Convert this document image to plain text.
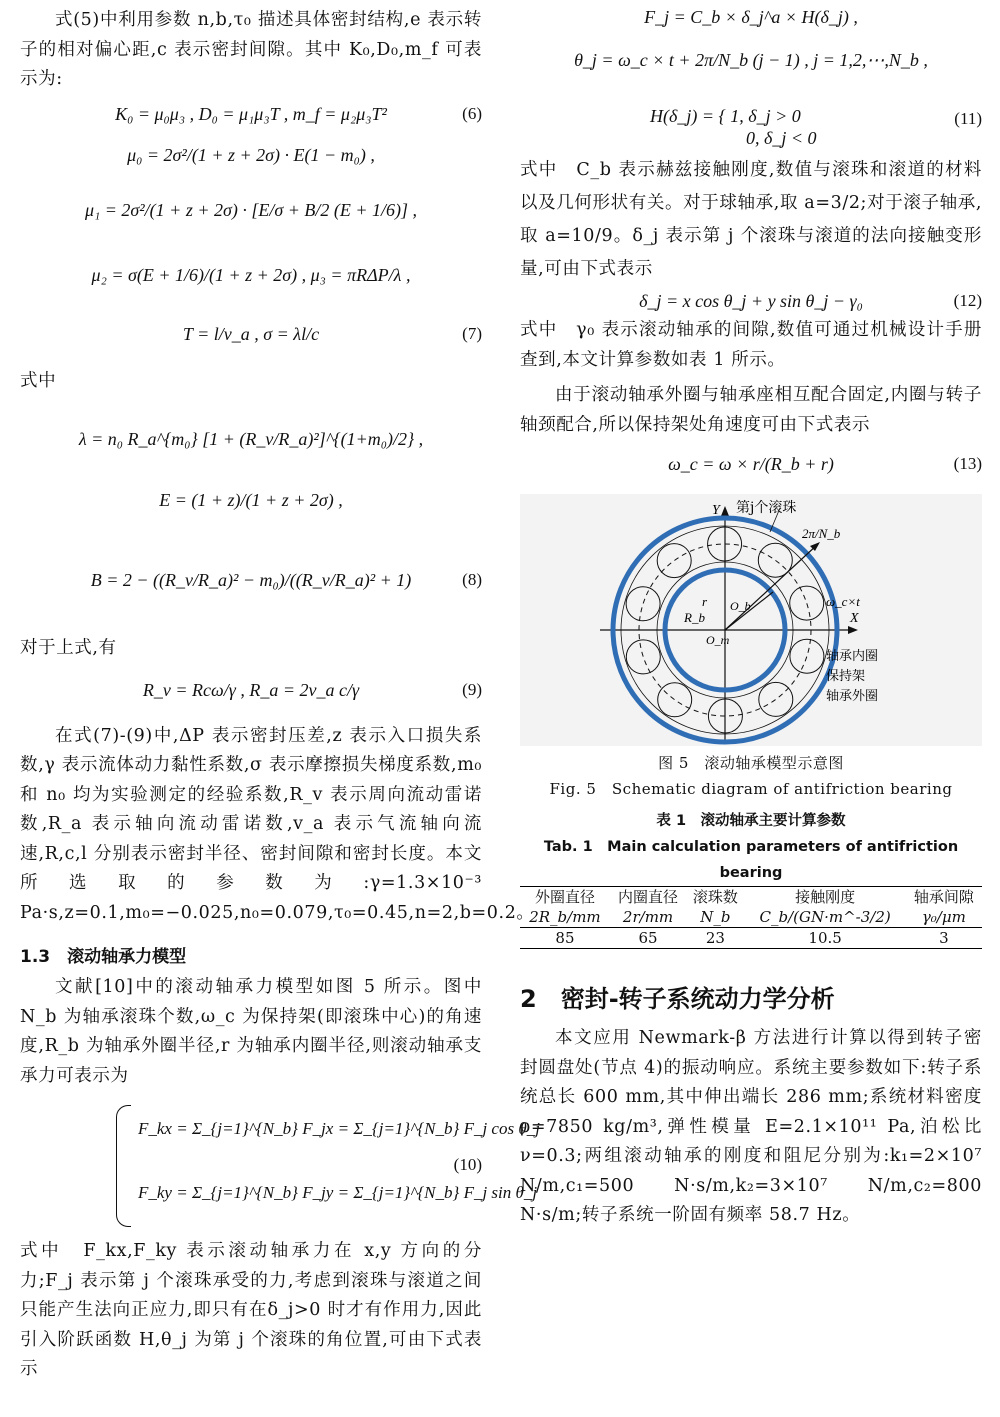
式(5)中利用参数 n,b,τ₀ 描述具体密封结构,e 表示转子的相对偏心距,c 表示密封间隙。其中 K₀,D₀,m_f 可表示为:

K₀ = μ₀μ₃ , D₀ = μ₁μ₃T , m_f = μ₂μ₃T²	(6)
μ₀ = 2σ²/(1 + z + 2σ) · E(1 − m₀) ,
μ₁ = 2σ²/(1 + z + 2σ) · [E/σ + B/2 (E + 1/6)] ,
μ₂ = σ(E + 1/6)/(1 + z + 2σ) , μ₃ = πRΔP/λ ,
T = l/v_a , σ = λl/c	(7)

式中

λ = n₀ R_a^{m₀} [1 + (R_v/R_a)²]^{(1+m₀)/2} ,
E = (1 + z)/(1 + z + 2σ) ,
B = 2 − ((R_v/R_a)² − m₀)/((R_v/R_a)² + 1)	(8)

对于上式,有

R_v = Rcω/γ , R_a = 2v_a c/γ	(9)

在式(7)-(9)中,ΔP 表示密封压差,z 表示入口损失系数,γ 表示流体动力黏性系数,σ 表示摩擦损失梯度系数,m₀ 和 n₀ 均为实验测定的经验系数,R_v 表示周向流动雷诺数,R_a 表示轴向流动雷诺数,v_a 表示气流轴向流速,R,c,l 分别表示密封半径、密封间隙和密封长度。本文所选取的参数为:γ=1.3×10⁻³ Pa·s,z=0.1,m₀=−0.025,n₀=0.079,τ₀=0.45,n=2,b=0.2。

1.3　滚动轴承力模型

文献[10]中的滚动轴承力模型如图 5 所示。图中 N_b 为轴承滚珠个数,ω_c 为保持架(即滚珠中心)的角速度,R_b 为轴承外圈半径,r 为轴承内圈半径,则滚动轴承支承力可表示为

F_kx = Σ_{j=1}^{N_b} F_jx = Σ_{j=1}^{N_b} F_j cos θ_j
F_ky = Σ_{j=1}^{N_b} F_jy = Σ_{j=1}^{N_b} F_j sin θ_j
(10)

式中　F_kx,F_ky 表示滚动轴承力在 x,y 方向的分力;F_j 表示第 j 个滚珠承受的力,考虑到滚珠与滚道之间只能产生法向正应力,即只有在δ_j>0 时才有作用力,因此引入阶跃函数 H,θ_j 为第 j 个滚珠的角位置,可由下式表示

F_j = C_b × δ_j^a × H(δ_j) ,
θ_j = ω_c × t + 2π/N_b (j − 1) , j = 1,2,⋯,N_b ,
H(δ_j) = { 1, δ_j > 0
0, δ_j < 0
(11)

式中　C_b 表示赫兹接触刚度,数值与滚珠和滚道的材料以及几何形状有关。对于球轴承,取 a=3/2;对于滚子轴承,取 a=10/9。δ_j 表示第 j 个滚珠与滚道的法向接触变形量,可由下式表示

δ_j = x cos θ_j + y sin θ_j − γ₀	(12)

式中　γ₀ 表示滚动轴承的间隙,数值可通过机械设计手册查到,本文计算参数如表 1 所示。

由于滚动轴承外圈与轴承座相互配合固定,内圈与转子轴颈配合,所以保持架处角速度可由下式表示

ω_c = ω × r/(R_b + r)	(13)
Y
X
第j个滚珠
2π/N_b
ω_c×t
r
R_b
O_b
O_m
轴承内圈
保持架
轴承外圈
图 5　滚动轴承模型示意图
Fig. 5　Schematic diagram of antifriction bearing
表 1　滚动轴承主要计算参数
Tab. 1　Main calculation parameters of antifriction bearing
外圈直径	内圈直径	滚珠数	接触刚度	轴承间隙
2R_b/mm	2r/mm	N_b	C_b/(GN·m^-3/2)	γ₀/μm
85	65	23	10.5	3
2　密封-转子系统动力学分析

本文应用 Newmark-β 方法进行计算以得到转子密封圆盘处(节点 4)的振动响应。系统主要参数如下:转子系统总长 600 mm,其中伸出端长 286 mm;系统材料密度 ρ=7850 kg/m³,弹性模量 E=2.1×10¹¹ Pa,泊松比 ν=0.3;两组滚动轴承的刚度和阻尼分别为:k₁=2×10⁷ N/m,c₁=500 N·s/m,k₂=3×10⁷ N/m,c₂=800 N·s/m;转子系统一阶固有频率 58.7 Hz。
